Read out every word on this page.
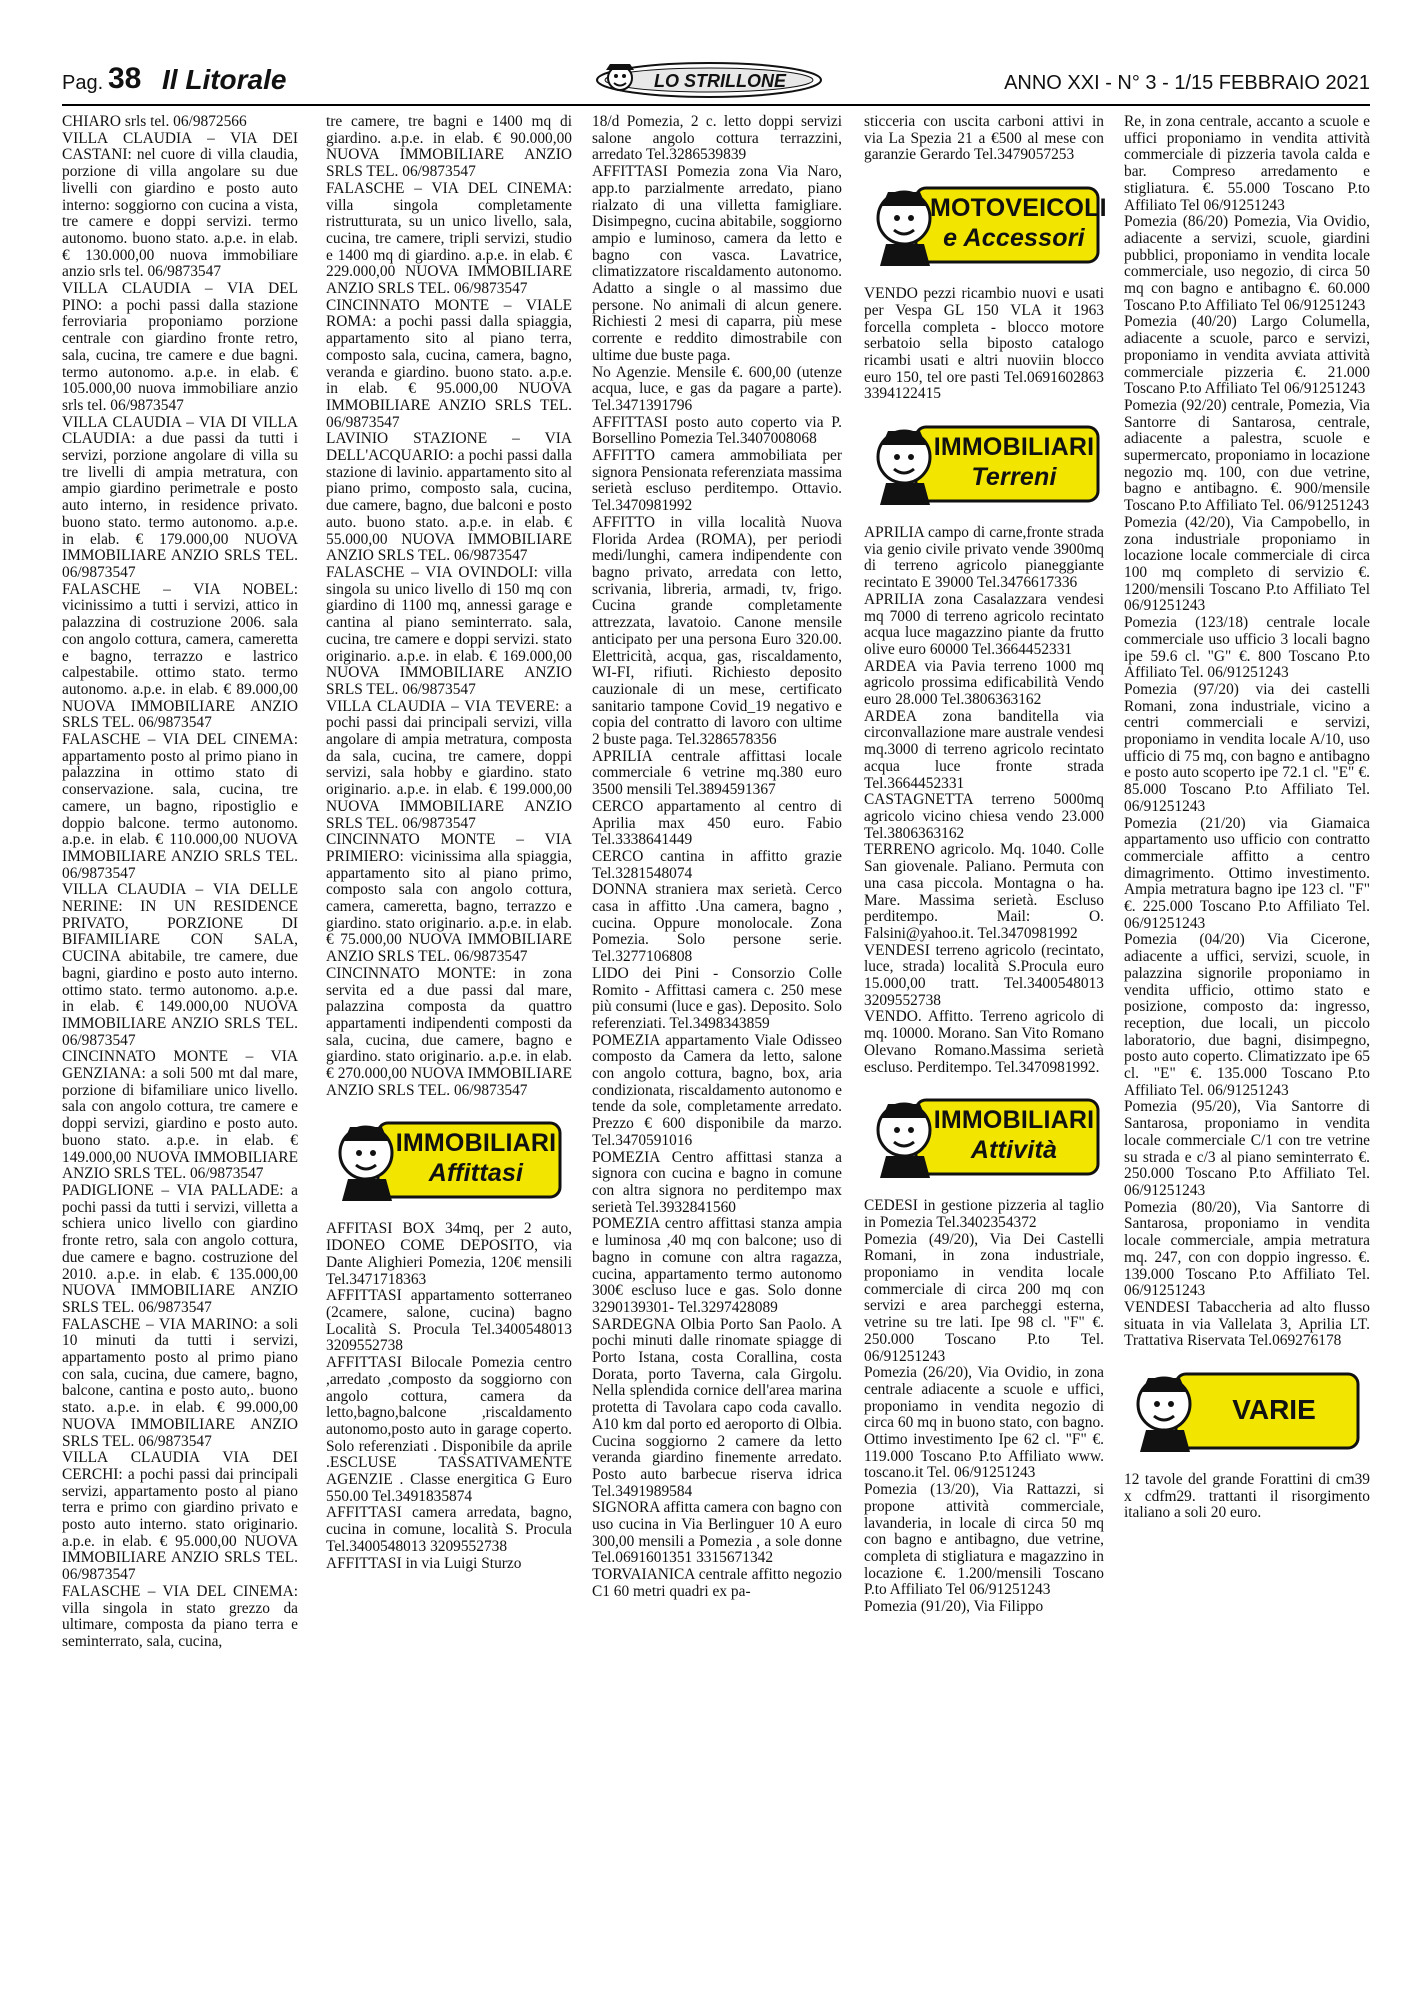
Pag. 38 Il Litorale	LO STRILLONE	ANNO XXI - N° 3 - 1/15 FEBBRAIO 2021

CHIARO srls tel. 06/9872566

VILLA CLAUDIA – VIA DEI CASTANI: nel cuore di villa claudia, porzione di villa angolare su due livelli con giardino e posto auto interno: soggiorno con cucina a vista, tre camere e doppi servizi. termo autonomo. buono stato. a.p.e. in elab. € 130.000,00 nuova immobiliare anzio srls tel. 06/9873547

VILLA CLAUDIA – VIA DEL PINO: a pochi passi dalla stazione ferroviaria proponiamo porzione centrale con giardino fronte retro, sala, cucina, tre camere e due bagni. termo autonomo. a.p.e. in elab. € 105.000,00 nuova immobiliare anzio srls tel. 06/9873547

VILLA CLAUDIA – VIA DI VILLA CLAUDIA: a due passi da tutti i servizi, porzione angolare di villa su tre livelli di ampia metratura, con ampio giardino perimetrale e posto auto interno, in residence privato. buono stato. termo autonomo. a.p.e. in elab. € 179.000,00 NUOVA IMMOBILIARE ANZIO SRLS TEL. 06/9873547

FALASCHE – VIA NOBEL: vicinissimo a tutti i servizi, attico in palazzina di costruzione 2006. sala con angolo cottura, camera, cameretta e bagno, terrazzo e lastrico calpestabile. ottimo stato. termo autonomo. a.p.e. in elab. € 89.000,00 NUOVA IMMOBILIARE ANZIO SRLS TEL. 06/9873547

FALASCHE – VIA DEL CINEMA: appartamento posto al primo piano in palazzina in ottimo stato di conservazione. sala, cucina, tre camere, un bagno, ripostiglio e doppio balcone. termo autonomo. a.p.e. in elab. € 110.000,00 NUOVA IMMOBILIARE ANZIO SRLS TEL. 06/9873547

VILLA CLAUDIA – VIA DELLE NERINE: IN UN RESIDENCE PRIVATO, PORZIONE DI BIFAMILIARE CON SALA, CUCINA abitabile, tre camere, due bagni, giardino e posto auto interno. ottimo stato. termo autonomo. a.p.e. in elab. € 149.000,00 NUOVA IMMOBILIARE ANZIO SRLS TEL. 06/9873547

CINCINNATO MONTE – VIA GENZIANA: a soli 500 mt dal mare, porzione di bifamiliare unico livello. sala con angolo cottura, tre camere e doppi servizi, giardino e posto auto. buono stato. a.p.e. in elab. € 149.000,00 NUOVA IMMOBILIARE ANZIO SRLS TEL. 06/9873547

PADIGLIONE – VIA PALLADE: a pochi passi da tutti i servizi, villetta a schiera unico livello con giardino fronte retro, sala con angolo cottura, due camere e bagno. costruzione del 2010. a.p.e. in elab. € 135.000,00 NUOVA IMMOBILIARE ANZIO SRLS TEL. 06/9873547

FALASCHE – VIA MARINO: a soli 10 minuti da tutti i servizi, appartamento posto al primo piano con sala, cucina, due camere, bagno, balcone, cantina e posto auto,. buono stato. a.p.e. in elab. € 99.000,00 NUOVA IMMOBILIARE ANZIO SRLS TEL. 06/9873547

VILLA CLAUDIA VIA DEI CERCHI: a pochi passi dai principali servizi, appartamento posto al piano terra e primo con giardino privato e posto auto interno. stato originario. a.p.e. in elab. € 95.000,00 NUOVA IMMOBILIARE ANZIO SRLS TEL. 06/9873547

FALASCHE – VIA DEL CINEMA: villa singola in stato grezzo da ultimare, composta da piano terra e seminterrato, sala, cucina,

tre camere, tre bagni e 1400 mq di giardino. a.p.e. in elab. € 90.000,00 NUOVA IMMOBILIARE ANZIO SRLS TEL. 06/9873547

FALASCHE – VIA DEL CINEMA: villa singola completamente ristrutturata, su un unico livello, sala, cucina, tre camere, tripli servizi, studio e 1400 mq di giardino. a.p.e. in elab. € 229.000,00 NUOVA IMMOBILIARE ANZIO SRLS TEL. 06/9873547

CINCINNATO MONTE – VIALE ROMA: a pochi passi dalla spiaggia, appartamento sito al piano terra, composto sala, cucina, camera, bagno, veranda e giardino. buono stato. a.p.e. in elab. € 95.000,00 NUOVA IMMOBILIARE ANZIO SRLS TEL. 06/9873547

LAVINIO STAZIONE – VIA DELL'ACQUARIO: a pochi passi dalla stazione di lavinio. appartamento sito al piano primo, composto sala, cucina, due camere, bagno, due balconi e posto auto. buono stato. a.p.e. in elab. € 55.000,00 NUOVA IMMOBILIARE ANZIO SRLS TEL. 06/9873547

FALASCHE – VIA OVINDOLI: villa singola su unico livello di 150 mq con giardino di 1100 mq, annessi garage e cantina al piano seminterrato. sala, cucina, tre camere e doppi servizi. stato originario. a.p.e. in elab. € 169.000,00 NUOVA IMMOBILIARE ANZIO SRLS TEL. 06/9873547

VILLA CLAUDIA – VIA TEVERE: a pochi passi dai principali servizi, villa angolare di ampia metratura, composta da sala, cucina, tre camere, doppi servizi, sala hobby e giardino. stato originario. a.p.e. in elab. € 199.000,00 NUOVA IMMOBILIARE ANZIO SRLS TEL. 06/9873547

CINCINNATO MONTE – VIA PRIMIERO: vicinissima alla spiaggia, appartamento sito al piano primo, composto sala con angolo cottura, camera, cameretta, bagno, terrazzo e giardino. stato originario. a.p.e. in elab. € 75.000,00 NUOVA IMMOBILIARE ANZIO SRLS TEL. 06/9873547

CINCINNATO MONTE: in zona servita ed a due passi dal mare, palazzina composta da quattro appartamenti indipendenti composti da sala, cucina, due camere, bagno e giardino. stato originario. a.p.e. in elab. € 270.000,00 NUOVA IMMOBILIARE ANZIO SRLS TEL. 06/9873547

IMMOBILIARI
Affittasi

AFFITASI BOX 34mq, per 2 auto, IDONEO COME DEPOSITO, via Dante Alighieri Pomezia, 120€ mensili Tel.3471718363

AFFITTASI appartamento sotterraneo (2camere, salone, cucina) bagno Località S. Procula Tel.3400548013 3209552738

AFFITTASI Bilocale Pomezia centro ,arredato ,composto da soggiorno con angolo cottura, camera da letto,bagno,balcone ,riscaldamento autonomo,posto auto in garage coperto. Solo referenziati . Disponibile da aprile .ESCLUSE TASSATIVAMENTE AGENZIE . Classe energitica G Euro 550.00 Tel.3491835874

AFFITTASI camera arredata, bagno, cucina in comune, località S. Procula Tel.3400548013 3209552738

AFFITTASI in via Luigi Sturzo

18/d Pomezia, 2 c. letto doppi servizi salone angolo cottura terrazzini, arredato Tel.3286539839

AFFITTASI Pomezia zona Via Naro, app.to parzialmente arredato, piano rialzato di una villetta famigliare. Disimpegno, cucina abitabile, soggiorno ampio e luminoso, camera da letto e bagno con vasca. Lavatrice, climatizzatore riscaldamento autonomo. Adatto a single o al massimo due persone. No animali di alcun genere. Richiesti 2 mesi di caparra, più mese corrente e reddito dimostrabile con ultime due buste paga.

No Agenzie. Mensile €. 600,00 (utenze acqua, luce, e gas da pagare a parte). Tel.3471391796

AFFITTASI posto auto coperto via P. Borsellino Pomezia Tel.3407008068

AFFITTO camera ammobiliata per signora Pensionata referenziata massima serietà escluso perditempo. Ottavio. Tel.3470981992

AFFITTO in villa località Nuova Florida Ardea (ROMA), per periodi medi/lunghi, camera indipendente con bagno privato, arredata con letto, scrivania, libreria, armadi, tv, frigo. Cucina grande completamente attrezzata, lavatoio. Canone mensile anticipato per una persona Euro 320.00. Elettricità, acqua, gas, riscaldamento, WI-FI, rifiuti. Richiesto deposito cauzionale di un mese, certificato sanitario tampone Covid_19 negativo e copia del contratto di lavoro con ultime 2 buste paga. Tel.3286578356

APRILIA centrale affittasi locale commerciale 6 vetrine mq.380 euro 3500 mensili Tel.3894591367

CERCO appartamento al centro di Aprilia max 450 euro. Fabio Tel.3338641449

CERCO cantina in affitto grazie Tel.3281548074

DONNA straniera max serietà. Cerco casa in affitto .Una camera, bagno , cucina. Oppure monolocale. Zona Pomezia. Solo persone serie. Tel.3277106808

LIDO dei Pini - Consorzio Colle Romito - Affittasi camera c. 250 mese più consumi (luce e gas). Deposito. Solo referenziati. Tel.3498343859

POMEZIA appartamento Viale Odisseo composto da Camera da letto, salone con angolo cottura, bagno, box, aria condizionata, riscaldamento autonomo e tende da sole, completamente arredato. Prezzo € 600 disponibile da marzo. Tel.3470591016

POMEZIA Centro affittasi stanza a signora con cucina e bagno in comune con altra signora no perditempo max serietà Tel.3932841560

POMEZIA centro affittasi stanza ampia e luminosa ,40 mq con balcone; uso di bagno in comune con altra ragazza, cucina, appartamento termo autonomo 300€ escluso luce e gas. Solo donne 3290139301- Tel.3297428089

SARDEGNA Olbia Porto San Paolo. A pochi minuti dalle rinomate spiagge di Porto Istana, costa Corallina, costa Dorata, porto Taverna, cala Girgolu. Nella splendida cornice dell'area marina protetta di Tavolara capo coda cavallo. A10 km dal porto ed aeroporto di Olbia. Cucina soggiorno 2 camere da letto veranda giardino finemente arredato. Posto auto barbecue riserva idrica Tel.3491989584

SIGNORA affitta camera con bagno con uso cucina in Via Berlinguer 10 A euro 300,00 mensili a Pomezia , a sole donne Tel.0691601351 3315671342

TORVAIANICA centrale affitto negozio C1 60 metri quadri ex pa-

sticceria con uscita carboni attivi in via La Spezia 21 a €500 al mese con garanzie Gerardo Tel.3479057253

MOTOVEICOLI
e Accessori

VENDO pezzi ricambio nuovi e usati per Vespa GL 150 VLA it 1963 forcella completa - blocco motore serbatoio sella biposto catalogo ricambi usati e altri nuoviin blocco euro 150, tel ore pasti Tel.0691602863 3394122415

IMMOBILIARI
Terreni

APRILIA campo di carne,fronte strada via genio civile privato vende 3900mq di terreno agricolo pianeggiante recintato E 39000 Tel.3476617336

APRILIA zona Casalazzara vendesi mq 7000 di terreno agricolo recintato acqua luce magazzino piante da frutto olive euro 60000 Tel.3664452331

ARDEA via Pavia terreno 1000 mq agricolo prossima edificabilità Vendo euro 28.000 Tel.3806363162

ARDEA zona banditella via circonvallazione mare australe vendesi mq.3000 di terreno agricolo recintato acqua luce fronte strada Tel.3664452331

CASTAGNETTA terreno 5000mq agricolo vicino chiesa vendo 23.000 Tel.3806363162

TERRENO agricolo. Mq. 1040. Colle San giovenale. Paliano. Permuta con una casa piccola. Montagna o ha. Mare. Massima serietà. Escluso perditempo. Mail: O. Falsini@yahoo.it. Tel.3470981992

VENDESI terreno agricolo (recintato, luce, strada) località S.Procula euro 15.000,00 tratt. Tel.3400548013 3209552738

VENDO. Affitto. Terreno agricolo di mq. 10000. Morano. San Vito Romano Olevano Romano.Massima serietà escluso. Perditempo. Tel.3470981992.

IMMOBILIARI
Attività

CEDESI in gestione pizzeria al taglio in Pomezia Tel.3402354372

Pomezia (49/20), Via Dei Castelli Romani, in zona industriale, proponiamo in vendita locale commerciale di circa 200 mq con servizi e area parcheggi esterna, vetrine su tre lati. Ipe 98 cl. "F" €. 250.000 Toscano P.to Tel. 06/91251243

Pomezia (26/20), Via Ovidio, in zona centrale adiacente a scuole e uffici, proponiamo in vendita negozio di circa 60 mq in buono stato, con bagno. Ottimo investimento Ipe 62 cl. "F" €. 119.000 Toscano P.to Affiliato www. toscano.it Tel. 06/91251243

Pomezia (13/20), Via Rattazzi, si propone attività commerciale, lavanderia, in locale di circa 50 mq con bagno e antibagno, due vetrine, completa di stigliatura e magazzino in locazione €. 1.200/mensili Toscano P.to Affiliato Tel 06/91251243

Pomezia (91/20), Via Filippo

Re, in zona centrale, accanto a scuole e uffici proponiamo in vendita attività commerciale di pizzeria tavola calda e bar. Compreso arredamento e stigliatura. €. 55.000 Toscano P.to Affiliato Tel 06/91251243

Pomezia (86/20) Pomezia, Via Ovidio, adiacente a servizi, scuole, giardini pubblici, proponiamo in vendita locale commerciale, uso negozio, di circa 50 mq con bagno e antibagno €. 60.000 Toscano P.to Affiliato Tel 06/91251243

Pomezia (40/20) Largo Columella, adiacente a scuole, parco e servizi, proponiamo in vendita avviata attività commerciale pizzeria €. 21.000 Toscano P.to Affiliato Tel 06/91251243

Pomezia (92/20) centrale, Pomezia, Via Santorre di Santarosa, centrale, adiacente a palestra, scuole e supermercato, proponiamo in locazione negozio mq. 100, con due vetrine, bagno e antibagno. €. 900/mensile Toscano P.to Affiliato Tel. 06/91251243

Pomezia (42/20), Via Campobello, in zona industriale proponiamo in locazione locale commerciale di circa 100 mq completo di servizio €. 1200/mensili Toscano P.to Affiliato Tel 06/91251243

Pomezia (123/18) centrale locale commerciale uso ufficio 3 locali bagno ipe 59.6 cl. "G" €. 800 Toscano P.to Affiliato Tel. 06/91251243

Pomezia (97/20) via dei castelli Romani, zona industriale, vicino a centri commerciali e servizi, proponiamo in vendita locale A/10, uso ufficio di 75 mq, con bagno e antibagno e posto auto scoperto ipe 72.1 cl. "E" €. 85.000 Toscano P.to Affiliato Tel. 06/91251243

Pomezia (21/20) via Giamaica appartamento uso ufficio con contratto commerciale affitto a centro dimagrimento. Ottimo investimento. Ampia metratura bagno ipe 123 cl. "F" €. 225.000 Toscano P.to Affiliato Tel. 06/91251243

Pomezia (04/20) Via Cicerone, adiacente a uffici, servizi, scuole, in palazzina signorile proponiamo in vendita ufficio, ottimo stato e posizione, composto da: ingresso, reception, due locali, un piccolo laboratorio, due bagni, disimpegno, posto auto coperto. Climatizzato ipe 65 cl. "E" €. 135.000 Toscano P.to Affiliato Tel. 06/91251243

Pomezia (95/20), Via Santorre di Santarosa, proponiamo in vendita locale commerciale C/1 con tre vetrine su strada e c/3 al piano seminterrato €. 250.000 Toscano P.to Affiliato Tel. 06/91251243

Pomezia (80/20), Via Santorre di Santarosa, proponiamo in vendita locale commerciale, ampia metratura mq. 247, con con doppio ingresso. €. 139.000 Toscano P.to Affiliato Tel. 06/91251243

VENDESI Tabaccheria ad alto flusso situata in via Vallelata 3, Aprilia LT. Trattativa Riservata Tel.069276178

VARIE

12 tavole del grande Forattini di cm39 x cdfm29. trattanti il risorgimento italiano a soli 20 euro.
